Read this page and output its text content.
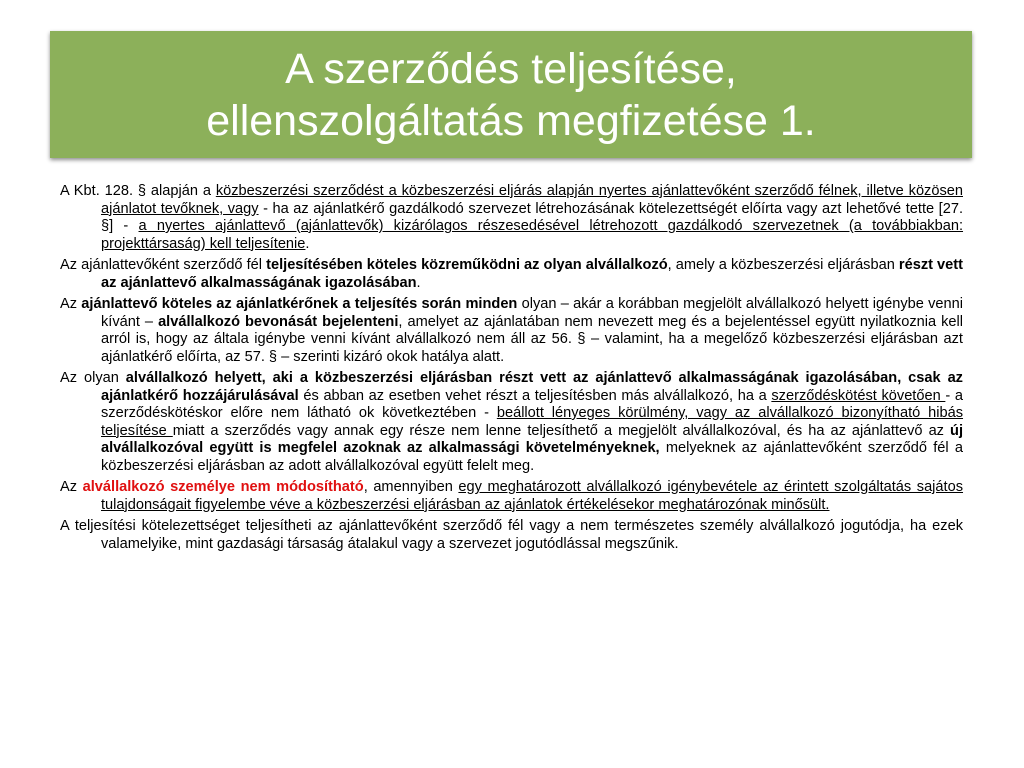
A szerződés teljesítése,
ellenszolgáltatás megfizetése 1.

A Kbt. 128. § alapján a közbeszerzési szerződést a közbeszerzési eljárás alapján nyertes ajánlattevőként szerződő félnek, illetve közösen ajánlatot tevőknek, vagy - ha az ajánlatkérő gazdálkodó szervezet létrehozásának kötelezettségét előírta vagy azt lehetővé tette [27. §] - a nyertes ajánlattevő (ajánlattevők) kizárólagos részesedésével létrehozott gazdálkodó szervezetnek (a továbbiakban: projekttársaság) kell teljesítenie.

Az ajánlattevőként szerződő fél teljesítésében köteles közreműködni az olyan alvállalkozó, amely a közbeszerzési eljárásban részt vett az ajánlattevő alkalmasságának igazolásában.

Az ajánlattevő köteles az ajánlatkérőnek a teljesítés során minden olyan – akár a korábban megjelölt alvállalkozó helyett igénybe venni kívánt – alvállalkozó bevonását bejelenteni, amelyet az ajánlatában nem nevezett meg és a bejelentéssel együtt nyilatkoznia kell arról is, hogy az általa igénybe venni kívánt alvállalkozó nem áll az 56. § – valamint, ha a megelőző közbeszerzési eljárásban azt ajánlatkérő előírta, az 57. § – szerinti kizáró okok hatálya alatt.

Az olyan alvállalkozó helyett, aki a közbeszerzési eljárásban részt vett az ajánlattevő alkalmasságának igazolásában, csak az ajánlatkérő hozzájárulásával és abban az esetben vehet részt a teljesítésben más alvállalkozó, ha a szerződéskötést követően - a szerződéskötéskor előre nem látható ok következtében - beállott lényeges körülmény, vagy az alvállalkozó bizonyítható hibás teljesítése miatt a szerződés vagy annak egy része nem lenne teljesíthető a megjelölt alvállalkozóval, és ha az ajánlattevő az új alvállalkozóval együtt is megfelel azoknak az alkalmassági követelményeknek, melyeknek az ajánlattevőként szerződő fél a közbeszerzési eljárásban az adott alvállalkozóval együtt felelt meg.

Az alvállalkozó személye nem módosítható, amennyiben egy meghatározott alvállalkozó igénybevétele az érintett szolgáltatás sajátos tulajdonságait figyelembe véve a közbeszerzési eljárásban az ajánlatok értékelésekor meghatározónak minősült.

A teljesítési kötelezettséget teljesítheti az ajánlattevőként szerződő fél vagy a nem természetes személy alvállalkozó jogutódja, ha ezek valamelyike, mint gazdasági társaság átalakul vagy a szervezet jogutódlással megszűnik.
